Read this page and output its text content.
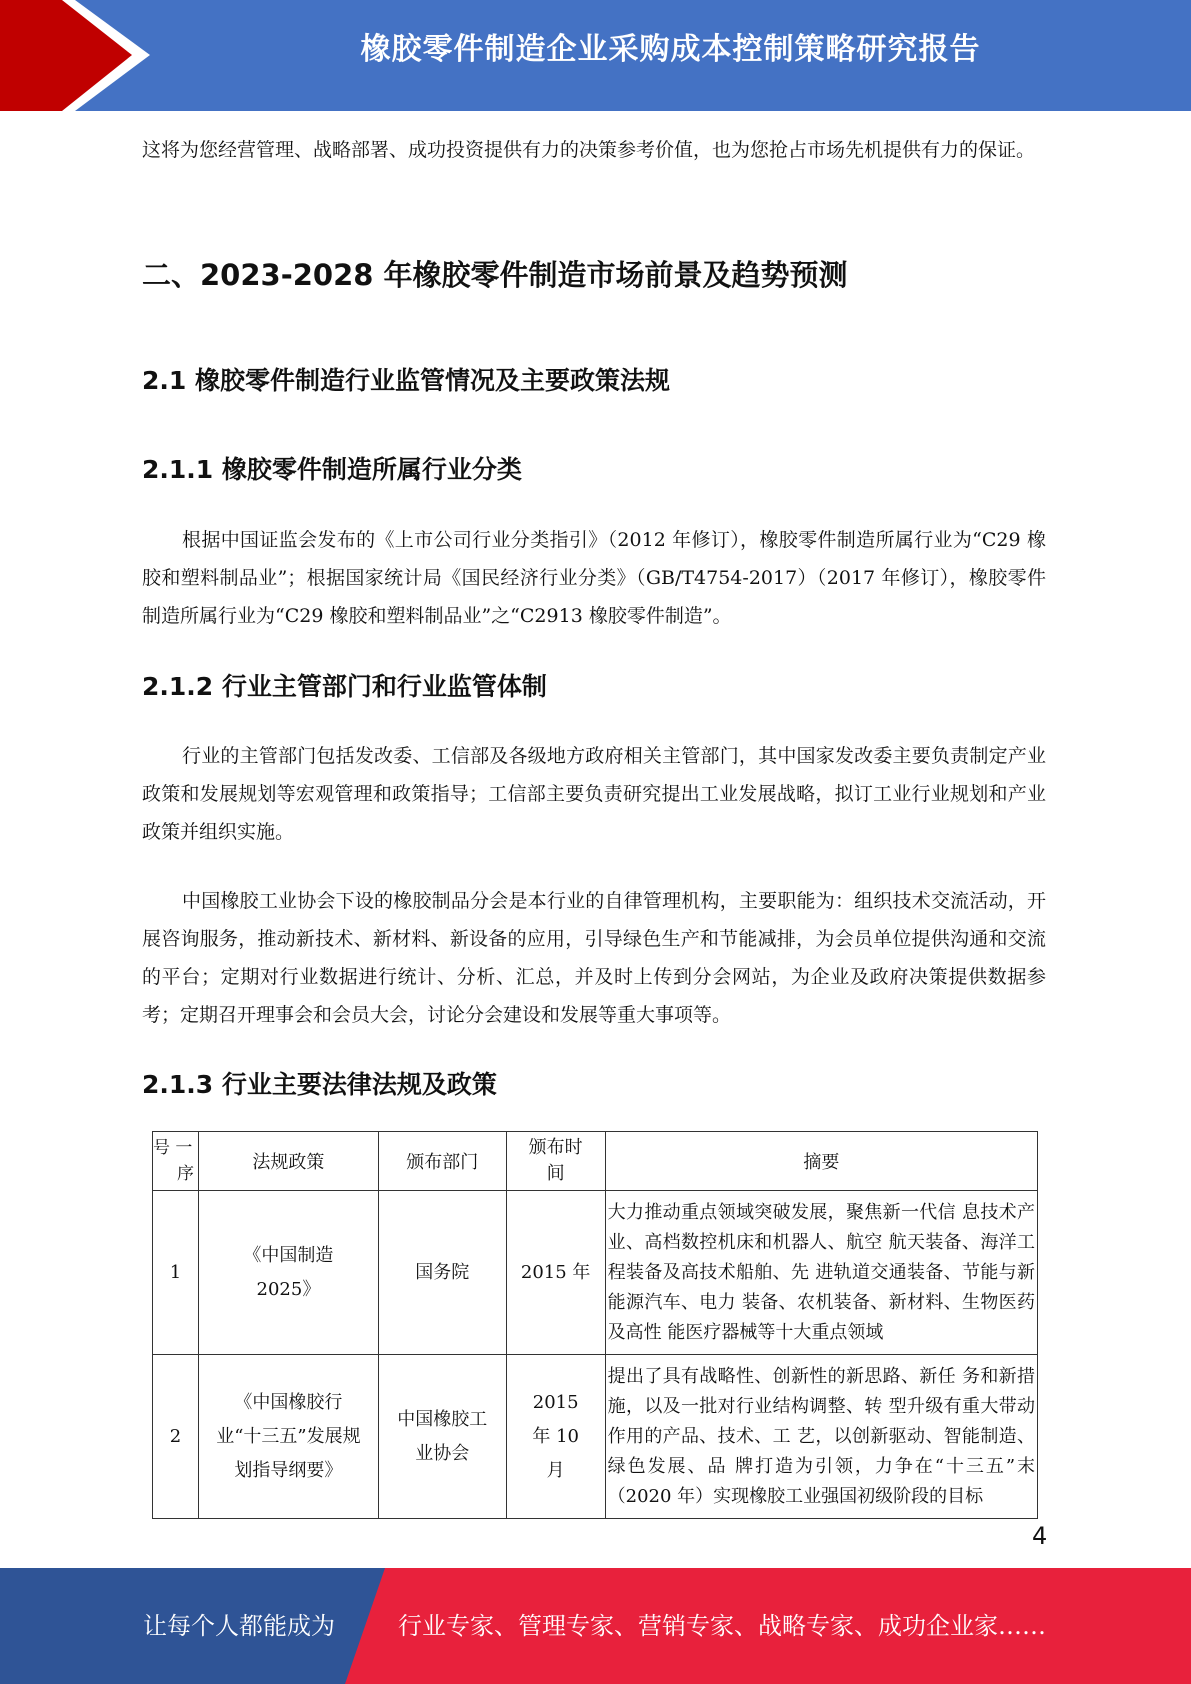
橡胶零件制造企业采购成本控制策略研究报告

这将为您经营管理、战略部署、成功投资提供有力的决策参考价值，也为您抢占市场先机提供有力的保证。

二、2023-2028 年橡胶零件制造市场前景及趋势预测
2.1 橡胶零件制造行业监管情况及主要政策法规
2.1.1 橡胶零件制造所属行业分类

根据中国证监会发布的《上市公司行业分类指引》（2012 年修订），橡胶零件制造所属行业为“C29 橡胶和塑料制品业”；根据国家统计局《国民经济行业分类》（GB/T4754-2017）（2017 年修订），橡胶零件制造所属行业为“C29 橡胶和塑料制品业”之“C2913 橡胶零件制造”。

2.1.2 行业主管部门和行业监管体制

行业的主管部门包括发改委、工信部及各级地方政府相关主管部门，其中国家发改委主要负责制定产业政策和发展规划等宏观管理和政策指导；工信部主要负责研究提出工业发展战略，拟订工业行业规划和产业政策并组织实施。

中国橡胶工业协会下设的橡胶制品分会是本行业的自律管理机构，主要职能为：组织技术交流活动，开展咨询服务，推动新技术、新材料、新设备的应用，引导绿色生产和节能减排，为会员单位提供沟通和交流的平台；定期对行业数据进行统计、分析、汇总，并及时上传到分会网站，为企业及政府决策提供数据参考；定期召开理事会和会员大会，讨论分会建设和发展等重大事项等。

2.1.3 行业主要法律法规及政策
号 一
序	法规政策	颁布部门	颁布时间	摘要
1	《中国制造2025》	国务院	2015 年	大力推动重点领域突破发展，聚焦新一代信 息技术产业、高档数控机床和机器人、航空 航天装备、海洋工程装备及高技术船舶、先 进轨道交通装备、节能与新能源汽车、电力 装备、农机装备、新材料、生物医药及高性 能医疗器械等十大重点领域
2	《中国橡胶行业“十三五”发展规划指导纲要》	中国橡胶工业协会	2015 年 10月	提出了具有战略性、创新性的新思路、新任 务和新措施，以及一批对行业结构调整、转 型升级有重大带动作用的产品、技术、工 艺，以创新驱动、智能制造、绿色发展、品 牌打造为引领，力争在“十三五”末（2020 年）实现橡胶工业强国初级阶段的目标
4
让每个人都能成为	行业专家、管理专家、营销专家、战略专家、成功企业家……
